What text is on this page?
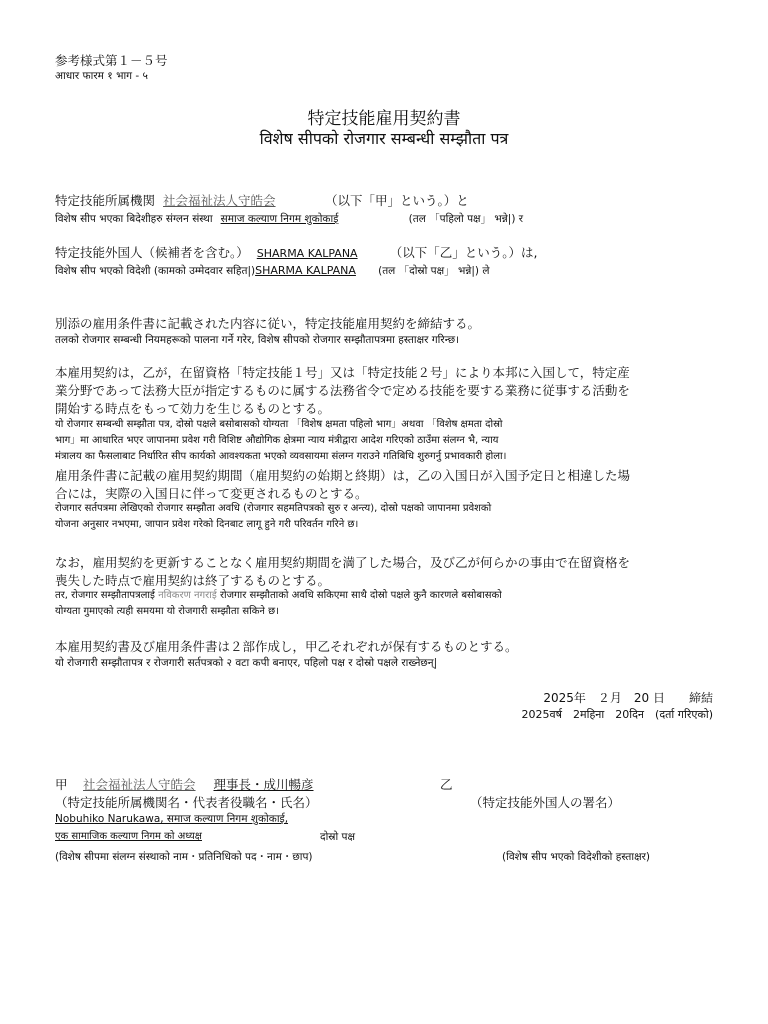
参考様式第１－５号
आधार फारम १ भाग - ५
特定技能雇用契約書
विशेष सीपको रोजगार सम्बन्धी सम्झौता पत्र
特定技能所属機関 社会福祉法人守皓会	（以下「甲」という。）と
विशेष सीप भएका बिदेशीहरु संग्लन संस्था समाज कल्याण निगम शुकोकाई	(तल 「पहिलो पक्ष」 भन्ने|) र
特定技能外国人（候補者を含む。） SHARMA KALPANA	（以下「乙」という。）は,
विशेष सीप भएको विदेशी (कामको उम्मेदवार सहित|)SHARMA KALPANA (तल 「दोस्रो पक्ष」 भन्ने|) ले
別添の雇用条件書に記載された内容に従い，特定技能雇用契約を締結する。
तलको रोजगार सम्बन्धी नियमहरूको पालना गर्ने गरेर, विशेष सीपको रोजगार सम्झौतापत्रमा हस्ताक्षर गरिन्छ।
本雇用契約は，乙が，在留資格「特定技能１号」又は「特定技能２号」により本邦に入国して，特定産
業分野であって法務大臣が指定するものに属する法務省令で定める技能を要する業務に従事する活動を
開始する時点をもって効力を生じるものとする。
यो रोजगार सम्बन्धी सम्झौता पत्र, दोस्रो पक्षले बसोबासको योग्यता 「विशेष क्षमता पहिलो भाग」अथवा 「विशेष क्षमता दोस्रो
भाग」मा आधारित भएर जापानमा प्रवेश गरी विशिष्ट औद्योगिक क्षेत्रमा न्याय मंत्रीद्वारा आदेश गरिएको ठाउँमा संलग्न भै, न्याय
मंत्रालय का फैसलाबाट निर्धारित सीप कार्यको आवश्यकता भएको व्यवसायमा संलग्न गराउने गतिबिधि शुरुगर्नु प्रभावकारी होला।
雇用条件書に記載の雇用契約期間（雇用契約の始期と終期）は，乙の入国日が入国予定日と相違した場
合には，実際の入国日に伴って変更されるものとする。
रोजगार सर्तपत्रमा लेखिएको रोजगार सम्झौता अवधि (रोजगार सहमतिपत्रको सुरु र अन्त्य), दोस्रो पक्षको जापानमा प्रवेशको
योजना अनुसार नभएमा, जापान प्रवेश गरेको दिनबाट लागू हुने गरी परिवर्तन गरिने छ।
なお，雇用契約を更新することなく雇用契約期間を満了した場合，及び乙が何らかの事由で在留資格を
喪失した時点で雇用契約は終了するものとする。
तर, रोजगार सम्झौतापत्रलाई नविकरण नगराई रोजगार सम्झौताको अवधि सकिएमा साथै दोस्रो पक्षले कुनै कारणले बसोबासको
योग्यता गुमाएको त्यही समयमा यो रोजगारी सम्झौता सकिने छ।
本雇用契約書及び雇用条件書は２部作成し，甲乙それぞれが保有するものとする。
यो रोजगारी सम्झौतापत्र र रोजगारी सर्तपत्रको २ वटा कपी बनाएर, पहिलो पक्ष र दोस्रो पक्षले राख्नेछन्|
2025年　２月　20 日　　締結
2025वर्ष　2महिना　20दिन　(दर्ता गरिएको)
甲 社会福祉法人守皓会 理事長・成川暢彦	乙
（特定技能所属機関名・代表者役職名・氏名）	（特定技能外国人の署名）
Nobuhiko Narukawa, समाज कल्याण निगम शुकोकाई,
एक सामाजिक कल्याण निगम को अध्यक्ष	दोस्रो पक्ष
(विशेष सीपमा संलग्न संस्थाको नाम・प्रतिनिधिको पद・नाम・छाप)	(विशेष सीप भएको विदेशीको हस्ताक्षर)
